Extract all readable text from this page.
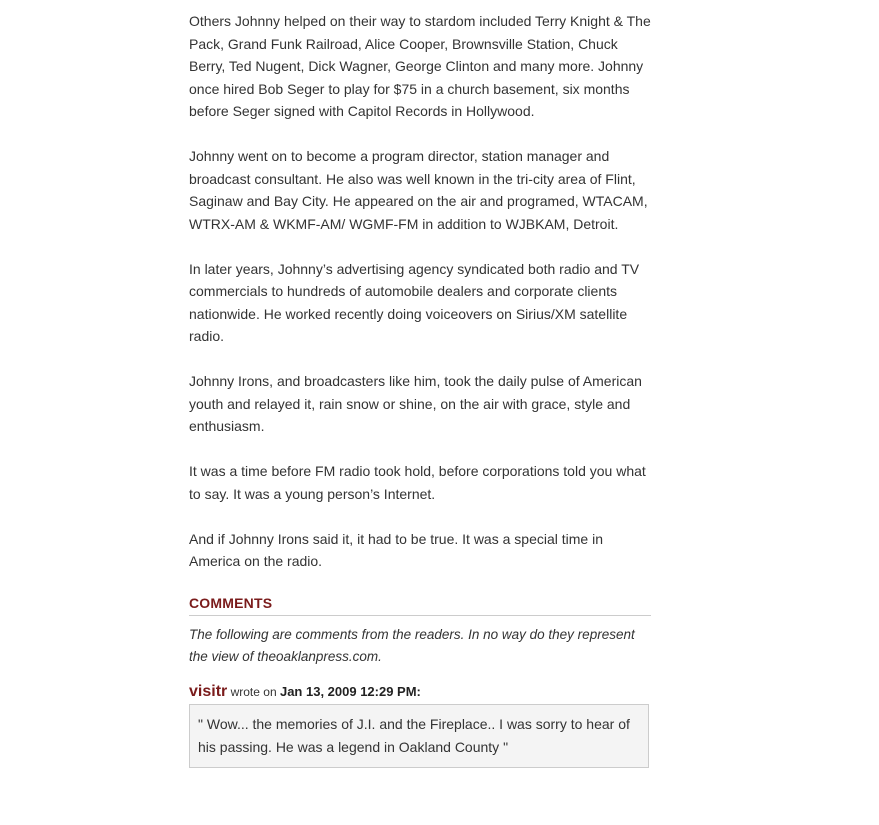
Others Johnny helped on their way to stardom included Terry Knight & The Pack, Grand Funk Railroad, Alice Cooper, Brownsville Station, Chuck Berry, Ted Nugent, Dick Wagner, George Clinton and many more. Johnny once hired Bob Seger to play for $75 in a church basement, six months before Seger signed with Capitol Records in Hollywood.

Johnny went on to become a program director, station manager and broadcast consultant. He also was well known in the tri-city area of Flint, Saginaw and Bay City. He appeared on the air and programed, WTACAM, WTRX-AM & WKMF-AM/ WGMF-FM in addition to WJBKAM, Detroit.

In later years, Johnny’s advertising agency syndicated both radio and TV commercials to hundreds of automobile dealers and corporate clients nationwide. He worked recently doing voiceovers on Sirius/XM satellite radio.

Johnny Irons, and broadcasters like him, took the daily pulse of American youth and relayed it, rain snow or shine, on the air with grace, style and enthusiasm.

It was a time before FM radio took hold, before corporations told you what to say. It was a young person’s Internet.

And if Johnny Irons said it, it had to be true. It was a special time in America on the radio.

COMMENTS

The following are comments from the readers. In no way do they represent the view of theoaklanpress.com.

visitr wrote on Jan 13, 2009 12:29 PM:

" Wow... the memories of J.I. and the Fireplace.. I was sorry to hear of his passing. He was a legend in Oakland County "
